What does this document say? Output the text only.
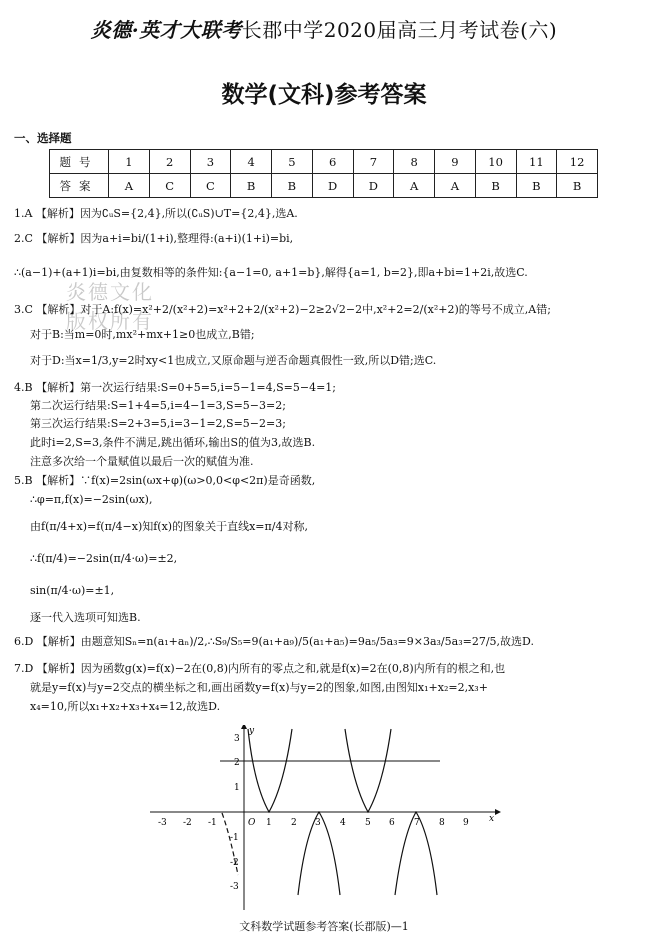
炎德·英才大联考长郡中学2020届高三月考试卷(六)
数学(文科)参考答案
一、选择题
题号	1	2	3	4	5	6	7	8	9	10	11	12
答案	A	C	C	B	B	D	D	A	A	B	B	B
1.A 【解析】因为∁ᵤS={2,4},所以(∁ᵤS)∪T={2,4},选A.
2.C 【解析】因为a+i=bi/(1+i),整理得:(a+i)(1+i)=bi,
∴(a−1)+(a+1)i=bi,由复数相等的条件知:{a−1=0, a+1=b},解得{a=1, b=2},即a+bi=1+2i,故选C.
炎德文化
版权所有
3.C 【解析】对于A:f(x)=x²+2/(x²+2)=x²+2+2/(x²+2)−2≥2√2−2中,x²+2=2/(x²+2)的等号不成立,A错;
对于B:当m=0时,mx²+mx+1≥0也成立,B错;
对于D:当x=1/3,y=2时xy<1也成立,又原命题与逆否命题真假性一致,所以D错;选C.
4.B 【解析】第一次运行结果:S=0+5=5,i=5−1=4,S=5−4=1;
第二次运行结果:S=1+4=5,i=4−1=3,S=5−3=2;
第三次运行结果:S=2+3=5,i=3−1=2,S=5−2=3;
此时i=2,S=3,条件不满足,跳出循环,输出S的值为3,故选B.
注意多次给一个量赋值以最后一次的赋值为准.
5.B 【解析】∵f(x)=2sin(ωx+φ)(ω>0,0<φ<2π)是奇函数,
∴φ=π,f(x)=−2sin(ωx),
由f(π/4+x)=f(π/4−x)知f(x)的图象关于直线x=π/4对称,
∴f(π/4)=−2sin(π/4·ω)=±2,
sin(π/4·ω)=±1,
逐一代入选项可知选B.
6.D 【解析】由题意知Sₙ=n(a₁+aₙ)/2,∴S₉/S₅=9(a₁+a₉)/5(a₁+a₅)=9a₅/5a₃=9×3a₃/5a₃=27/5,故选D.
7.D 【解析】因为函数g(x)=f(x)−2在(0,8)内所有的零点之和,就是f(x)=2在(0,8)内所有的根之和,也
就是y=f(x)与y=2交点的横坐标之和,画出函数y=f(x)与y=2的图象,如图,由图知x₁+x₂=2,x₃+
x₄=10,所以x₁+x₂+x₃+x₄=12,故选D.
-3 -2 -1	O 1 2 3 4 5 6 7 8 9 x
3
2
1
-1
-2
-3
y
文科数学试题参考答案(长郡版)—1
